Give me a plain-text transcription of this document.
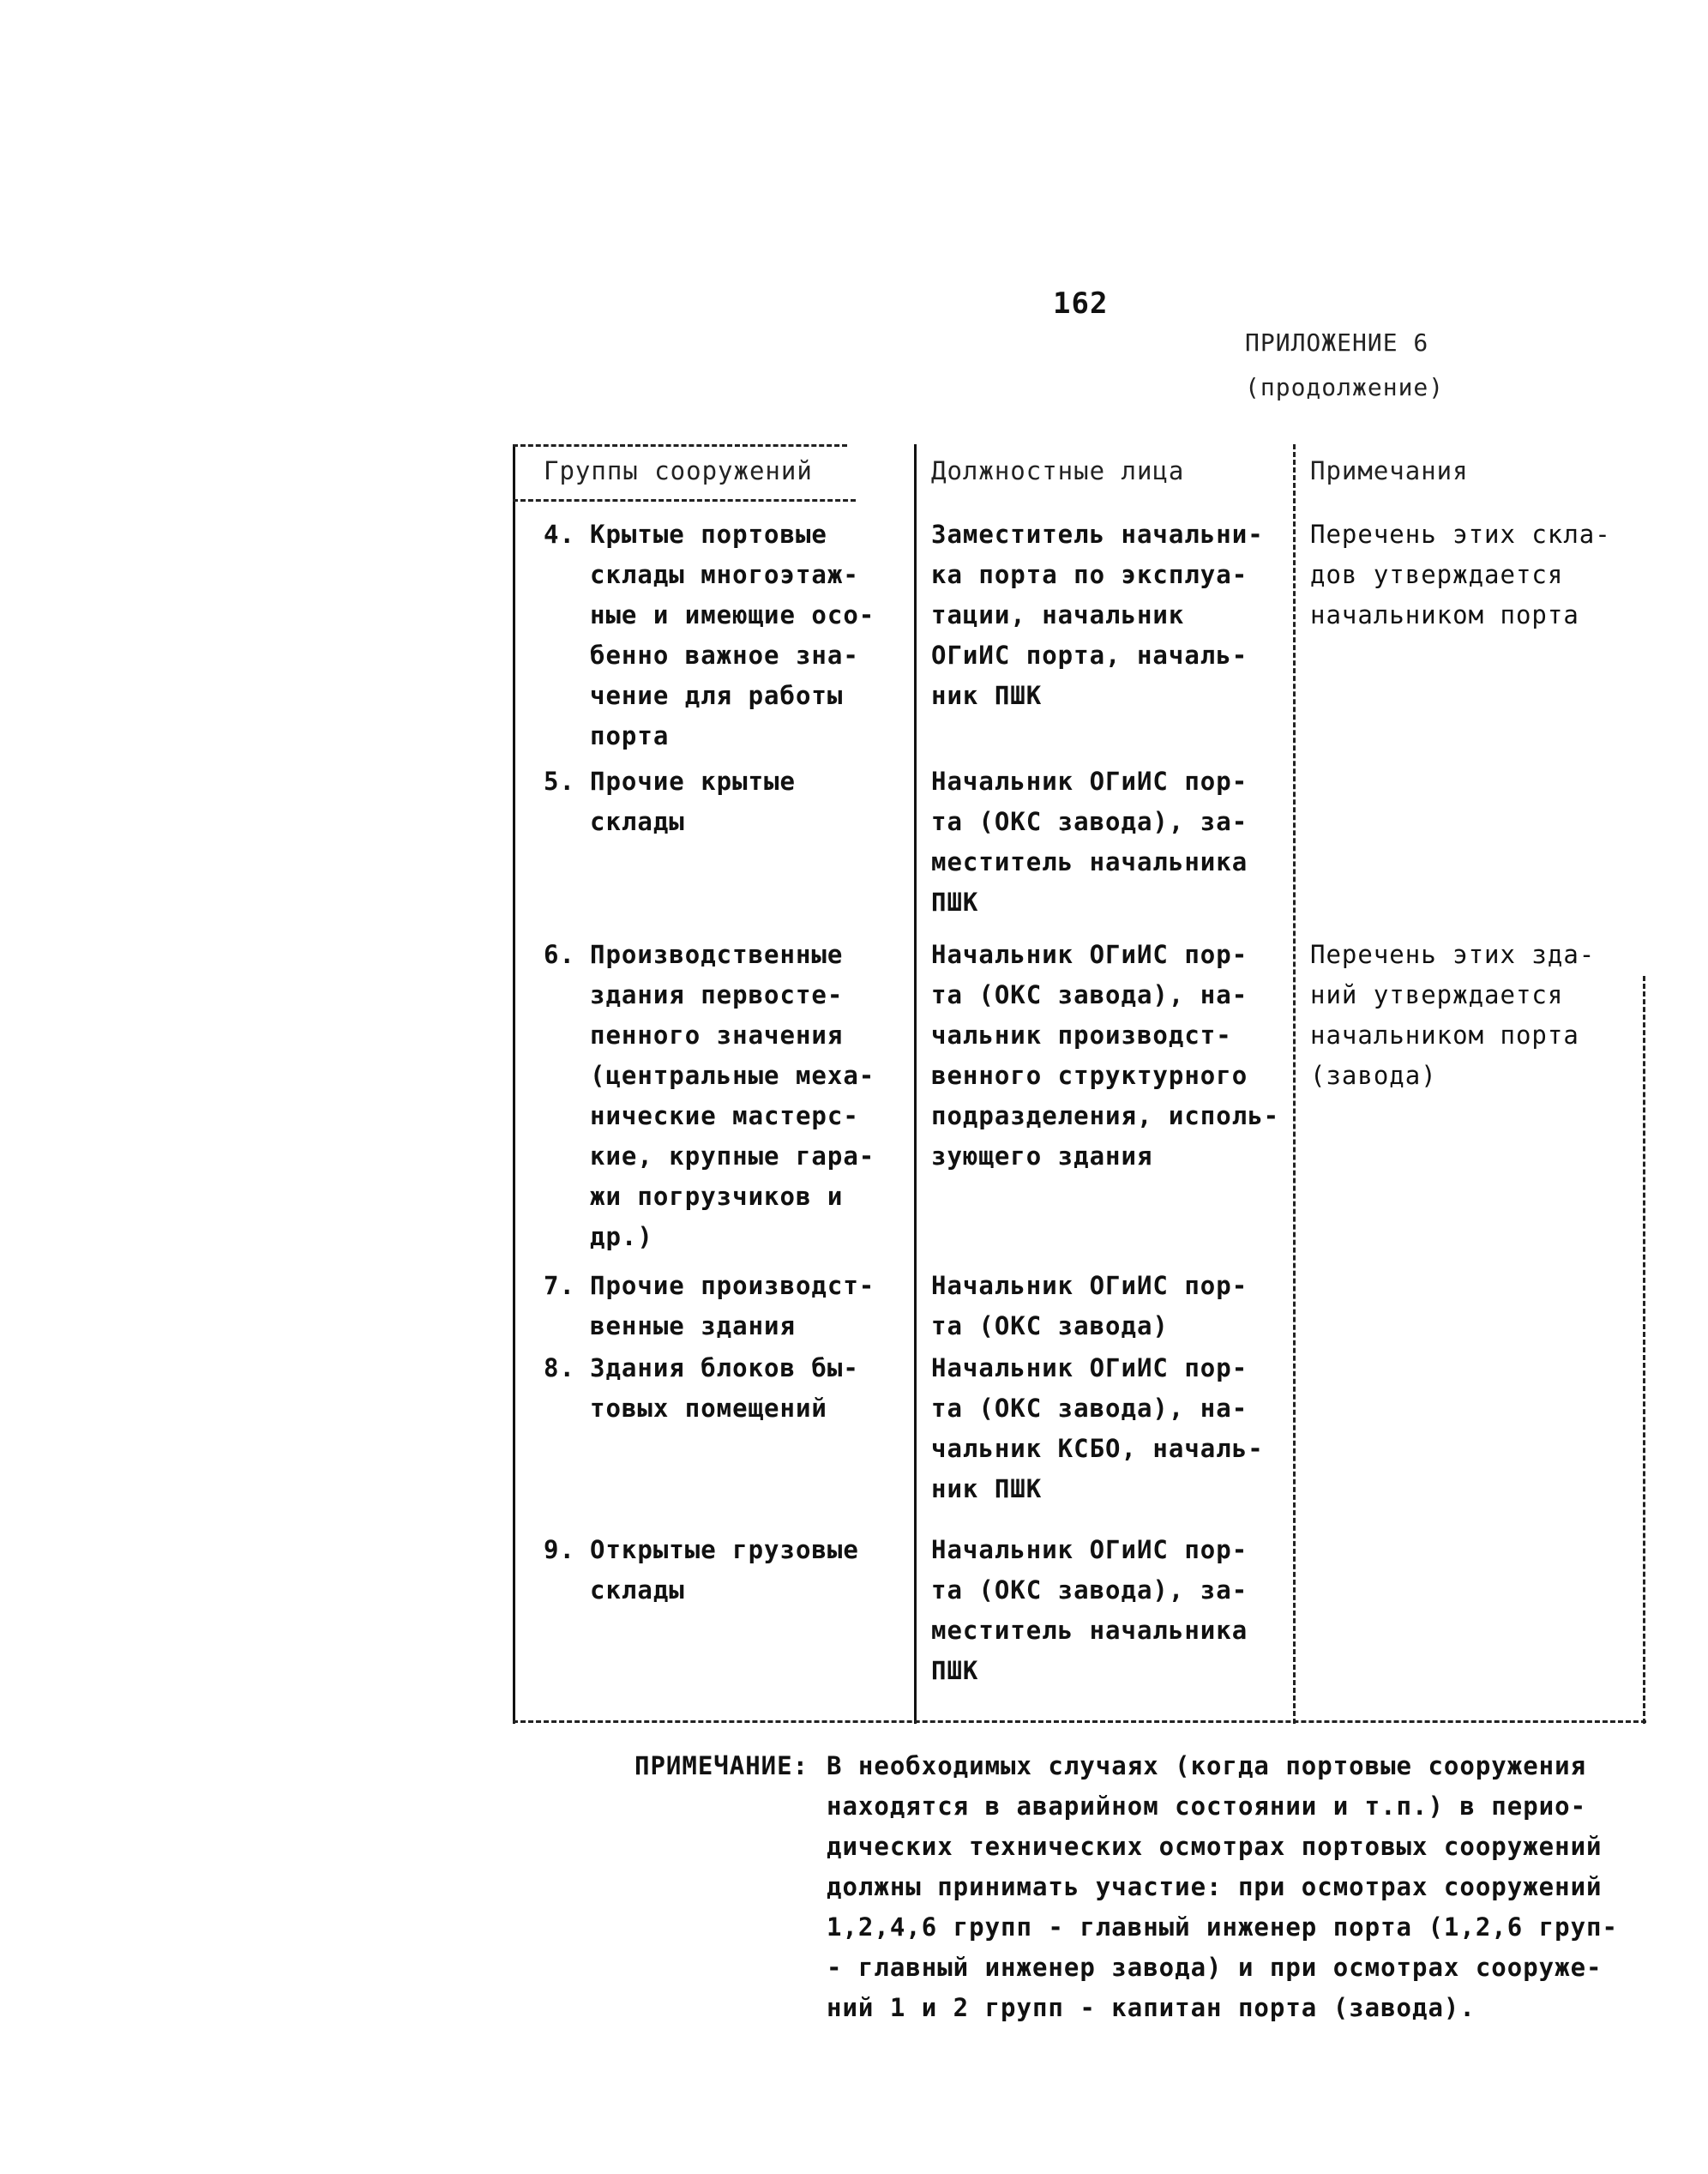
162
ПРИЛОЖЕНИЕ 6
(продолжение)
Группы сооружений	Должностные лица	Примечания
4. Крытые портовые
склады многоэтаж-
ные и имеющие осо-
бенно важное зна-
чение для работы
порта
Заместитель начальни-
ка порта по эксплуа-
тации, начальник
ОГиИС порта, началь-
ник ПШК
Перечень этих скла-
дов утверждается
начальником порта
5. Прочие крытые
склады
Начальник ОГиИС пор-
та (ОКС завода), за-
меститель начальника
ПШК
6. Производственные
здания первосте-
пенного значения
(центральные меха-
нические мастерс-
кие, крупные гара-
жи погрузчиков и
др.)
Начальник ОГиИС пор-
та (ОКС завода), на-
чальник производст-
венного структурного
подразделения, исполь-
зующего здания
Перечень этих зда-
ний утверждается
начальником порта
(завода)
7. Прочие производст-
венные здания
Начальник ОГиИС пор-
та (ОКС завода)
8. Здания блоков бы-
товых помещений
Начальник ОГиИС пор-
та (ОКС завода), на-
чальник КСБО, началь-
ник ПШК
9. Открытые грузовые
склады
Начальник ОГиИС пор-
та (ОКС завода), за-
меститель начальника
ПШК
ПРИМЕЧАНИЕ: В необходимых случаях (когда портовые сооружения
находятся в аварийном состоянии и т.п.) в перио-
дических технических осмотрах портовых сооружений
должны принимать участие: при осмотрах сооружений
1,2,4,6 групп - главный инженер порта (1,2,6 груп-
- главный инженер завода) и при осмотрах сооруже-
ний 1 и 2 групп - капитан порта (завода).
